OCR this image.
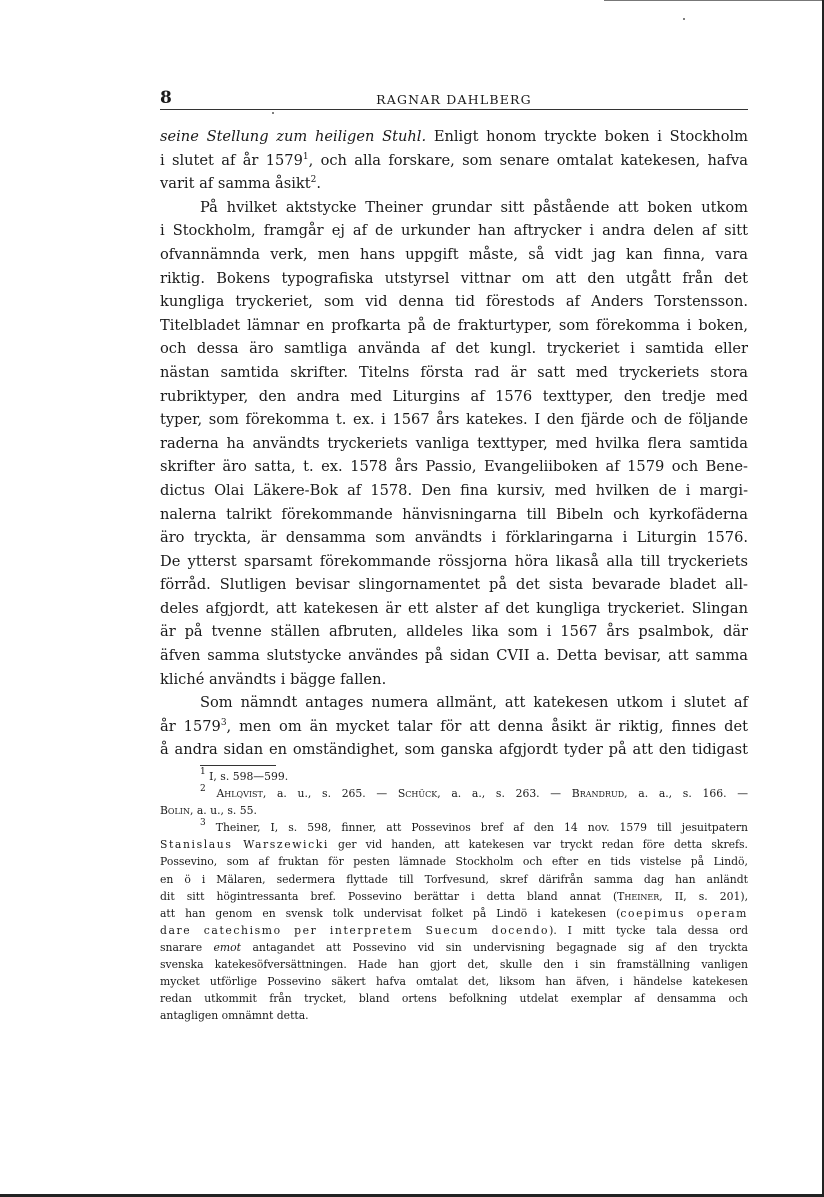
8	RAGNAR DAHLBERG

seine Stellung zum heiligen Stuhl. Enligt honom tryckte boken i Stockholm
i slutet af år 1579$^1$, och alla forskare, som senare omtalat katekesen, hafva
varit af samma åsikt$^2$.

På hvilket aktstycke Theiner grundar sitt påstående att boken utkom
i Stockholm, framgår ej af de urkunder han aftrycker i andra delen af sitt
ofvannämnda verk, men hans uppgift måste, så vidt jag kan finna, vara
riktig. Bokens typografiska utstyrsel vittnar om att den utgått från det
kungliga tryckeriet, som vid denna tid förestods af Anders Torstensson.
Titelbladet lämnar en profkarta på de frakturtyper, som förekomma i boken,
och dessa äro samtliga använda af det kungl. tryckeriet i samtida eller
nästan samtida skrifter. Titelns första rad är satt med tryckeriets stora
rubriktyper, den andra med Liturgins af 1576 texttyper, den tredje med
typer, som förekomma t. ex. i 1567 års katekes. I den fjärde och de följande
raderna ha användts tryckeriets vanliga texttyper, med hvilka flera samtida
skrifter äro satta, t. ex. 1578 års Passio, Evangeliiboken af 1579 och Bene-
dictus Olai Läkere-Bok af 1578. Den fina kursiv, med hvilken de i margi-
nalerna talrikt förekommande hänvisningarna till Bibeln och kyrkofäderna
äro tryckta, är densamma som användts i förklaringarna i Liturgin 1576.
De ytterst sparsamt förekommande rössjorna höra likaså alla till tryckeriets
förråd. Slutligen bevisar slingornamentet på det sista bevarade bladet all-
deles afgjordt, att katekesen är ett alster af det kungliga tryckeriet. Slingan
är på tvenne ställen afbruten, alldeles lika som i 1567 års psalmbok, där
äfven samma slutstycke användes på sidan CVII a. Detta bevisar, att samma
kliché användts i bägge fallen.

Som nämndt antages numera allmänt, att katekesen utkom i slutet af
år 1579$^3$, men om än mycket talar för att denna åsikt är riktig, finnes det
å andra sidan en omständighet, som ganska afgjordt tyder på att den tidigast

$^1$ I, s. 598—599.

$^2$ Ahlqvist, a. u., s. 265. — Schück, a. a., s. 263. — Brandrud, a. a., s. 166. —
Bolin, a. u., s. 55.

$^3$ Theiner, I, s. 598, finner, att Possevinos bref af den 14 nov. 1579 till jesuitpatern
Stanislaus Warszewicki ger vid handen, att katekesen var tryckt redan före detta skrefs.
Possevino, som af fruktan för pesten lämnade Stockholm och efter en tids vistelse på Lindö,
en ö i Mälaren, sedermera flyttade till Torfvesund, skref därifrån samma dag han anländt
dit sitt högintressanta bref. Possevino berättar i detta bland annat (Theiner, II, s. 201),
att han genom en svensk tolk undervisat folket på Lindö i katekesen (coepimus operam
dare catechismo per interpretem Suecum docendo). I mitt tycke tala dessa ord
snarare emot antagandet att Possevino vid sin undervisning begagnade sig af den tryckta
svenska katekesöfversättningen. Hade han gjort det, skulle den i sin framställning vanligen
mycket utförlige Possevino säkert hafva omtalat det, liksom han äfven, i händelse katekesen
redan utkommit från trycket, bland ortens befolkning utdelat exemplar af densamma och
antagligen omnämnt detta.
